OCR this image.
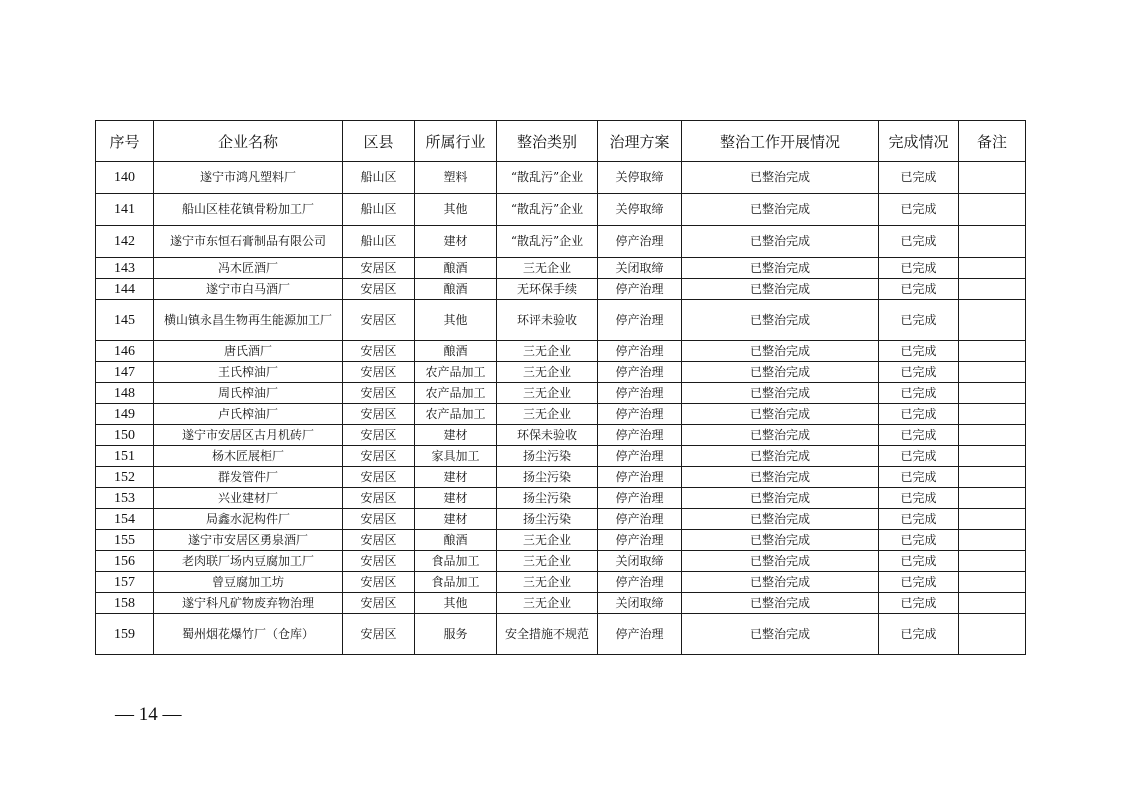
序号	企业名称	区县	所属行业	整治类别	治理方案	整治工作开展情况	完成情况	备注
140	遂宁市鸿凡塑料厂	船山区	塑料	“散乱污”企业	关停取缔	已整治完成	已完成	
141	船山区桂花镇骨粉加工厂	船山区	其他	“散乱污”企业	关停取缔	已整治完成	已完成	
142	遂宁市东恒石膏制品有限公司	船山区	建材	“散乱污”企业	停产治理	已整治完成	已完成	
143	冯木匠酒厂	安居区	酿酒	三无企业	关闭取缔	已整治完成	已完成	
144	遂宁市白马酒厂	安居区	酿酒	无环保手续	停产治理	已整治完成	已完成	
145	横山镇永昌生物再生能源加工厂	安居区	其他	环评未验收	停产治理	已整治完成	已完成	
146	唐氏酒厂	安居区	酿酒	三无企业	停产治理	已整治完成	已完成	
147	王氏榨油厂	安居区	农产品加工	三无企业	停产治理	已整治完成	已完成	
148	周氏榨油厂	安居区	农产品加工	三无企业	停产治理	已整治完成	已完成	
149	卢氏榨油厂	安居区	农产品加工	三无企业	停产治理	已整治完成	已完成	
150	遂宁市安居区古月机砖厂	安居区	建材	环保未验收	停产治理	已整治完成	已完成	
151	杨木匠展柜厂	安居区	家具加工	扬尘污染	停产治理	已整治完成	已完成	
152	群发管件厂	安居区	建材	扬尘污染	停产治理	已整治完成	已完成	
153	兴业建材厂	安居区	建材	扬尘污染	停产治理	已整治完成	已完成	
154	局鑫水泥构件厂	安居区	建材	扬尘污染	停产治理	已整治完成	已完成	
155	遂宁市安居区勇泉酒厂	安居区	酿酒	三无企业	停产治理	已整治完成	已完成	
156	老肉联厂场内豆腐加工厂	安居区	食品加工	三无企业	关闭取缔	已整治完成	已完成	
157	曾豆腐加工坊	安居区	食品加工	三无企业	停产治理	已整治完成	已完成	
158	遂宁科凡矿物废弃物治理	安居区	其他	三无企业	关闭取缔	已整治完成	已完成	
159	蜀州烟花爆竹厂（仓库）	安居区	服务	安全措施不规范	停产治理	已整治完成	已完成	
— 14 —
